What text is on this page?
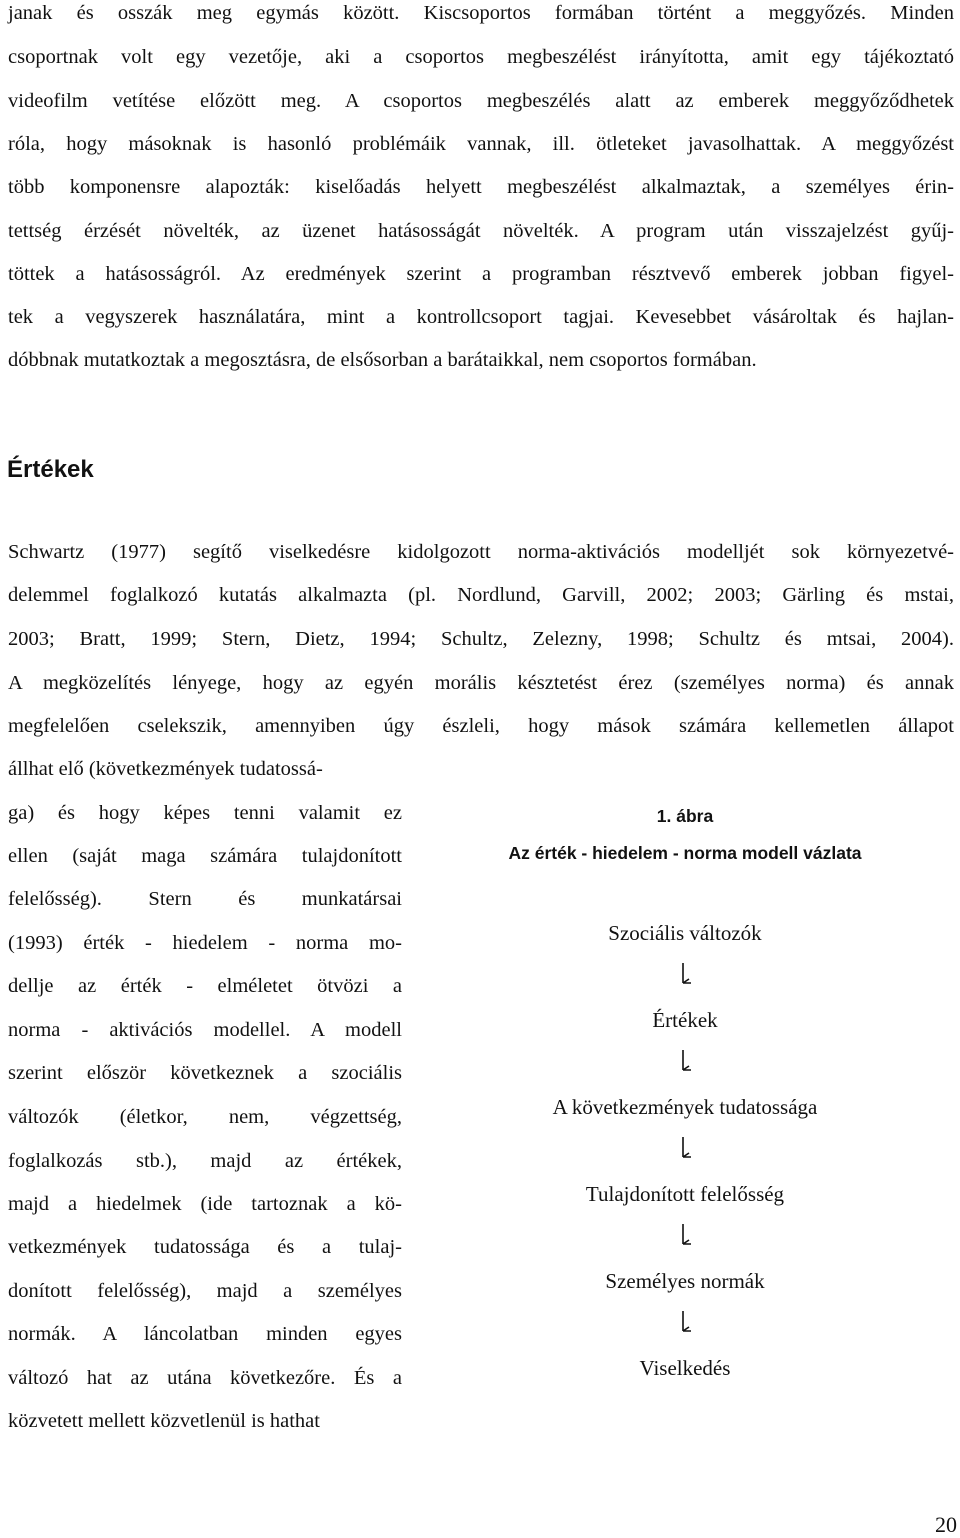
janak és osszák meg egymás között. Kiscsoportos formában történt a meggyőzés. Minden
csoportnak volt egy vezetője, aki a csoportos megbeszélést irányította, amit egy tájékoztató
videofilm vetítése előzött meg. A csoportos megbeszélés alatt az emberek meggyőződhetek
róla, hogy másoknak is hasonló problémáik vannak, ill. ötleteket javasolhattak. A meggyőzést
több komponensre alapozták: kiselőadás helyett megbeszélést alkalmaztak, a személyes érin-
tettség érzését növelték, az üzenet hatásosságát növelték. A program után visszajelzést gyűj-
töttek a hatásosságról. Az eredmények szerint a programban résztvevő emberek jobban figyel-
tek a vegyszerek használatára, mint a kontrollcsoport tagjai. Kevesebbet vásároltak és hajlan-
dóbbnak mutatkoztak a megosztásra, de elsősorban a barátaikkal, nem csoportos formában.
Értékek
Schwartz (1977) segítő viselkedésre kidolgozott norma-aktivációs modelljét sok környezetvé-
delemmel foglalkozó kutatás alkalmazta (pl. Nordlund, Garvill, 2002; 2003; Gärling és mstai,
2003; Bratt, 1999; Stern, Dietz, 1994; Schultz, Zelezny, 1998; Schultz és mtsai, 2004).
A megközelítés lényege, hogy az egyén morális késztetést érez (személyes norma) és annak
megfelelően cselekszik, amennyiben úgy észleli, hogy mások számára kellemetlen állapot
állhat elő (következmények tudatossá-
ga) és hogy képes tenni valamit ez
ellen (saját maga számára tulajdonított
felelősség). Stern és munkatársai
(1993) érték - hiedelem - norma mo-
dellje az érték - elméletet ötvözi a
norma - aktivációs modellel. A modell
szerint először következnek a szociális
változók (életkor, nem, végzettség,
foglalkozás stb.), majd az értékek,
majd a hiedelmek (ide tartoznak a kö-
vetkezmények tudatossága és a tulaj-
donított felelősség), majd a személyes
normák. A láncolatban minden egyes
változó hat az utána következőre. És a
közvetett mellett közvetlenül is hathat
1. ábra
Az érték - hiedelem - norma modell vázlata
Szociális változók
Értékek
A következmények tudatossága
Tulajdonított felelősség
Személyes normák
Viselkedés
20
